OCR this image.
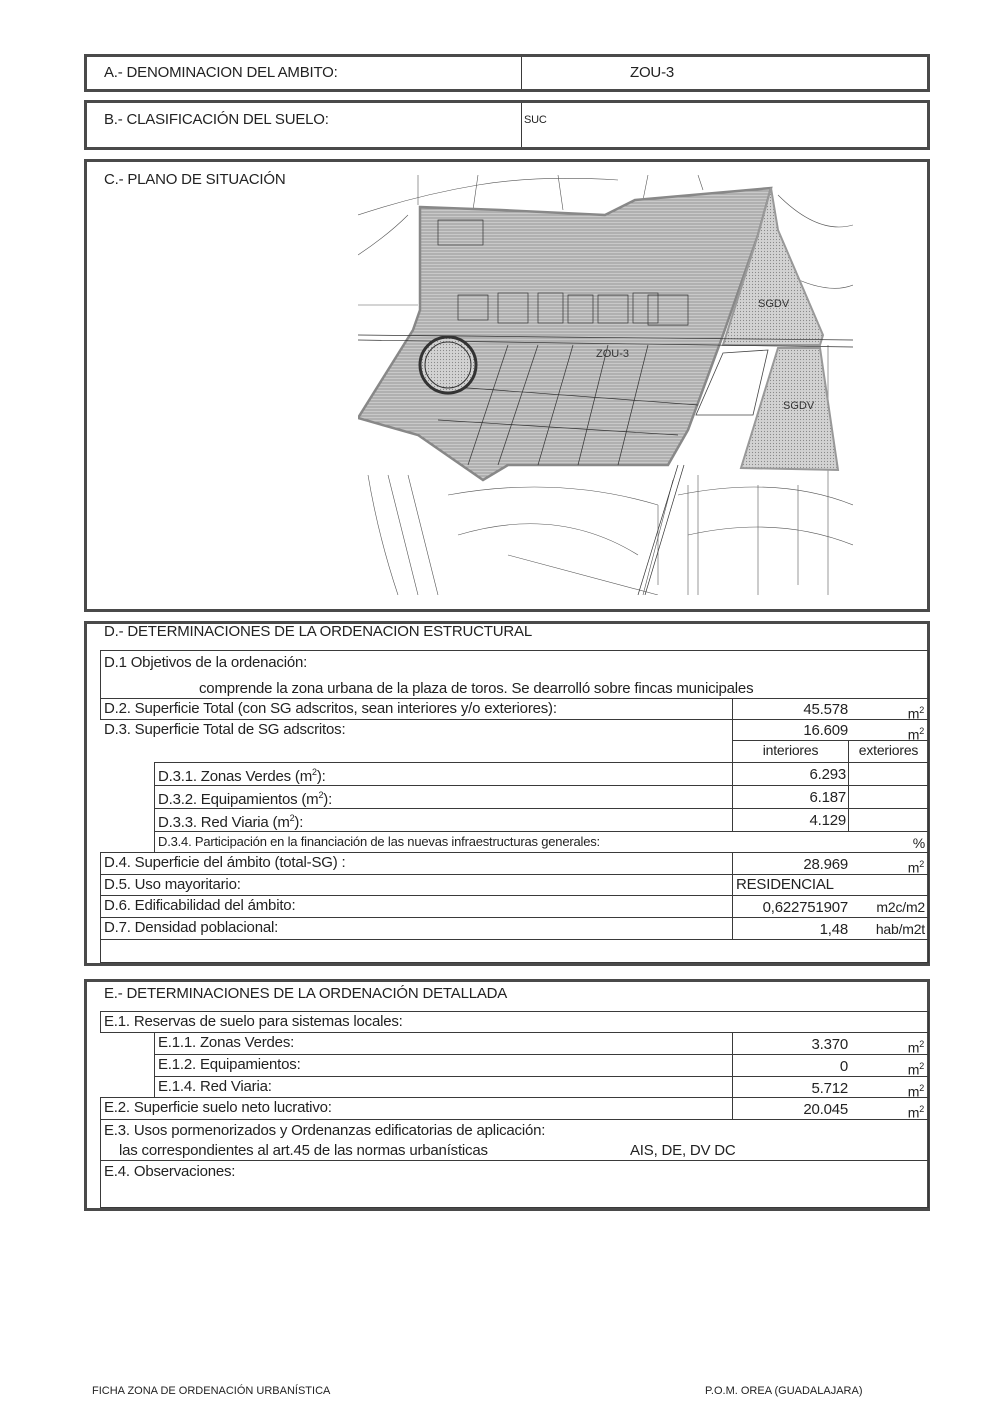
A.- DENOMINACION DEL AMBITO:	ZOU-3
B.- CLASIFICACIÓN DEL SUELO:	SUC
C.- PLANO DE SITUACIÓN
ZOU-3
SGDV
SGDV
D.- DETERMINACIONES DE LA ORDENACION ESTRUCTURAL
D.1 Objetivos de la ordenación:
comprende la zona urbana de la plaza de toros. Se dearrolló sobre fincas municipales
D.2. Superficie Total (con SG adscritos, sean interiores y/o exteriores):	45.578	$m^2$
D.3. Superficie Total de SG adscritos:	16.609	$m^2$
interiores	exteriores
D.3.1. Zonas Verdes $(m^2)$:	6.293
D.3.2. Equipamientos $(m^2)$:	6.187
D.3.3. Red Viaria $(m^2)$:	4.129
D.3.4. Participación en la financiación de las nuevas infraestructuras generales:	%
D.4. Superficie del ámbito (total-SG) :	28.969	$m^2$
D.5. Uso mayoritario:	RESIDENCIAL
D.6. Edificabilidad del ámbito:	0,622751907 m2c/m2
D.7. Densidad poblacional:	1,48 hab/m2t
E.- DETERMINACIONES DE LA ORDENACIÓN DETALLADA
E.1. Reservas de suelo para sistemas locales:
E.1.1. Zonas Verdes:	3.370	$m^2$
E.1.2. Equipamientos:	0	$m^2$
E.1.4. Red Viaria:	5.712	$m^2$
E.2. Superficie suelo neto lucrativo:	20.045	$m^2$
E.3. Usos pormenorizados y Ordenanzas edificatorias de aplicación:
las correspondientes al art.45 de las normas urbanísticas	AIS, DE, DV DC
E.4. Observaciones:
FICHA ZONA DE ORDENACIÓN URBANÍSTICA	P.O.M. OREA (GUADALAJARA)
